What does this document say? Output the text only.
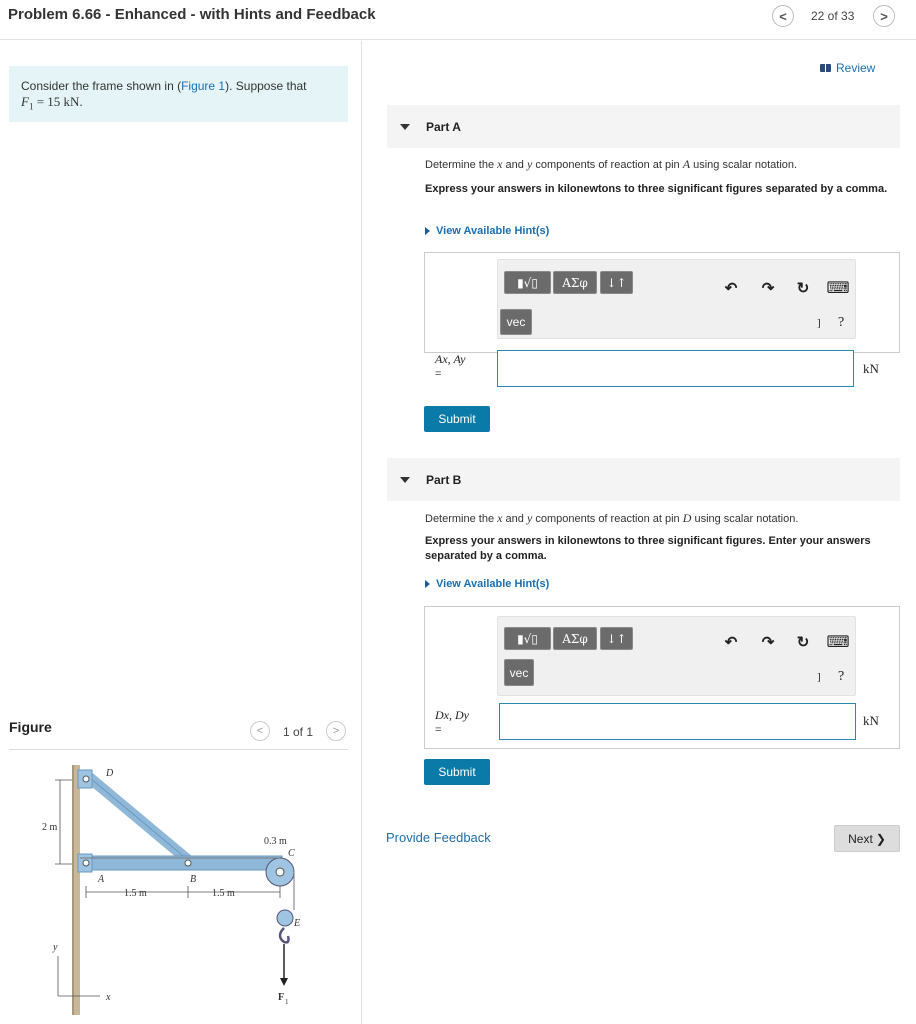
Problem 6.66 - Enhanced - with Hints and Feedback	<	22 of 33	>
Consider the frame shown in (Figure 1). Suppose that
$F_1 = 15$ kN.
Figure	<	1 of 1	>
D
A	B
C
E
2 m
1.5 m	1.5 m
0.3 m
F 1
y
x
Review
Part A
Determine the x and y components of reaction at pin A using scalar notation.
Express your answers in kilonewtons to three significant figures separated by a comma.
View Available Hint(s)
▮√▯	ΑΣφ	↓↑
vec
↶ ↷ ↻ ⌨
] ?
Ax, Ay
=	kN
Submit
Part B
Determine the x and y components of reaction at pin D using scalar notation.
Express your answers in kilonewtons to three significant figures. Enter your answers separated by a comma.
View Available Hint(s)
▮√▯	ΑΣφ	↓↑
vec
↶ ↷ ↻ ⌨
] ?
Dx, Dy
=
kN
Submit
Provide Feedback	Next ❯
